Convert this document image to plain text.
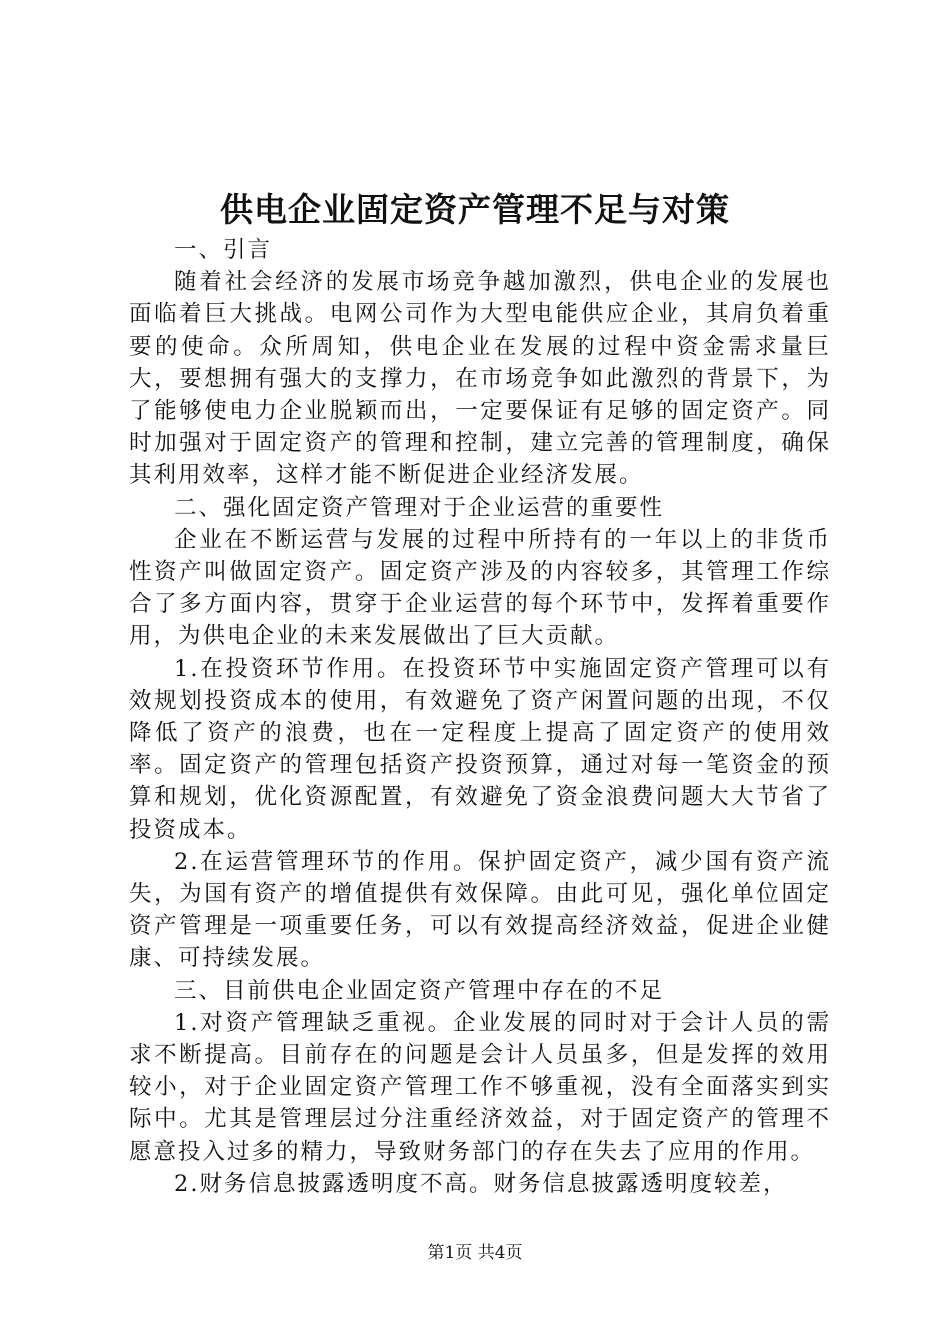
供电企业固定资产管理不足与对策

一、引言

随着社会经济的发展市场竞争越加激烈，供电企业的发展也面临着巨大挑战。电网公司作为大型电能供应企业，其肩负着重要的使命。众所周知，供电企业在发展的过程中资金需求量巨大，要想拥有强大的支撑力，在市场竞争如此激烈的背景下，为了能够使电力企业脱颖而出，一定要保证有足够的固定资产。同时加强对于固定资产的管理和控制，建立完善的管理制度，确保其利用效率，这样才能不断促进企业经济发展。

二、强化固定资产管理对于企业运营的重要性

企业在不断运营与发展的过程中所持有的一年以上的非货币性资产叫做固定资产。固定资产涉及的内容较多，其管理工作综合了多方面内容，贯穿于企业运营的每个环节中，发挥着重要作用，为供电企业的未来发展做出了巨大贡献。

1.在投资环节作用。在投资环节中实施固定资产管理可以有效规划投资成本的使用，有效避免了资产闲置问题的出现，不仅降低了资产的浪费，也在一定程度上提高了固定资产的使用效率。固定资产的管理包括资产投资预算，通过对每一笔资金的预算和规划，优化资源配置，有效避免了资金浪费问题大大节省了投资成本。

2.在运营管理环节的作用。保护固定资产，减少国有资产流失，为国有资产的增值提供有效保障。由此可见，强化单位固定资产管理是一项重要任务，可以有效提高经济效益，促进企业健康、可持续发展。

三、目前供电企业固定资产管理中存在的不足

1.对资产管理缺乏重视。企业发展的同时对于会计人员的需求不断提高。目前存在的问题是会计人员虽多，但是发挥的效用较小，对于企业固定资产管理工作不够重视，没有全面落实到实际中。尤其是管理层过分注重经济效益，对于固定资产的管理不愿意投入过多的精力，导致财务部门的存在失去了应用的作用。

2.财务信息披露透明度不高。财务信息披露透明度较差，

第1页 共4页
